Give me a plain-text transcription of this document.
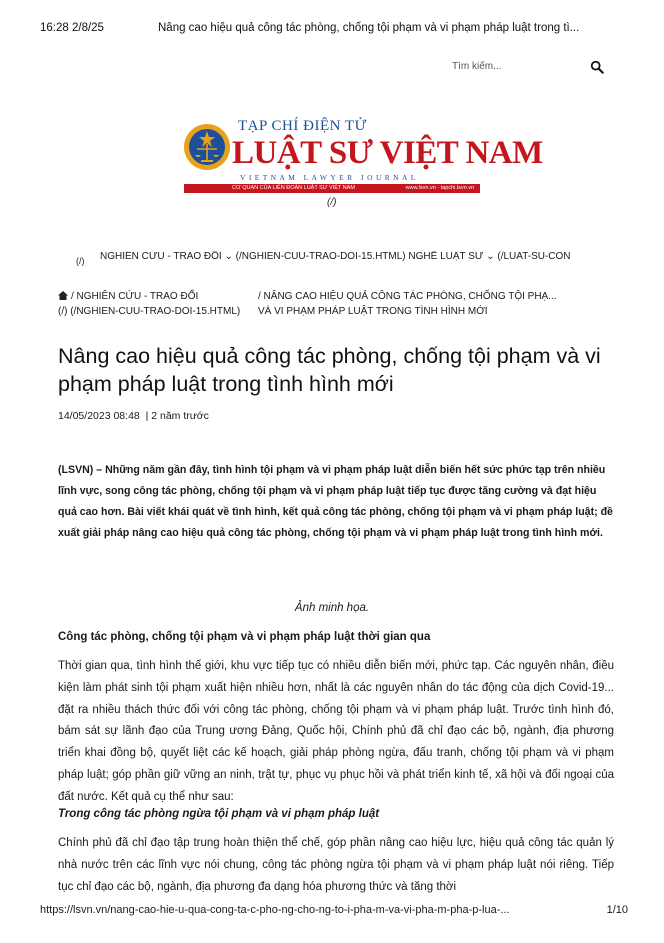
16:28 2/8/25	Nâng cao hiệu quả công tác phòng, chống tội phạm và vi phạm pháp luật trong tì...
Tìm kiếm...
TẠP CHÍ ĐIỆN TỬ
LUẬT SƯ VIỆT NAM
VIETNAM LAWYER JOURNAL
CƠ QUAN CỦA LIÊN ĐOÀN LUẬT SƯ VIỆT NAM	www.lsvn.vn · tapchi.lsvn.vn
(/)
(/) NGHIÊN CỨU - TRAO ĐỔI ⌄ (/NGHIEN-CUU-TRAO-DOI-15.HTML) NGHỀ LUẬT SƯ ⌄ (/LUAT-SU-CON
/ NGHIÊN CỨU - TRAO ĐỔI
(/) (/NGHIEN-CUU-TRAO-DOI-15.HTML)
/ NÂNG CAO HIỆU QUẢ CÔNG TÁC PHÒNG, CHỐNG TỘI PHẠ...
VÀ VI PHẠM PHÁP LUẬT TRONG TÌNH HÌNH MỚI
Nâng cao hiệu quả công tác phòng, chống tội phạm và vi phạm pháp luật trong tình hình mới
14/05/2023 08:48  | 2 năm trước

(LSVN) – Những năm gần đây, tình hình tội phạm và vi phạm pháp luật diễn biến hết sức phức tạp trên nhiều lĩnh vực, song công tác phòng, chống tội phạm và vi phạm pháp luật tiếp tục được tăng cường và đạt hiệu quả cao hơn. Bài viết khái quát về tình hình, kết quả công tác phòng, chống tội phạm và vi phạm pháp luật; đề xuất giải pháp nâng cao hiệu quả công tác phòng, chống tội phạm và vi phạm pháp luật trong tình hình mới.

Ảnh minh họa.
Công tác phòng, chống tội phạm và vi phạm pháp luật thời gian qua

Thời gian qua, tình hình thế giới, khu vực tiếp tục có nhiều diễn biến mới, phức tạp. Các nguyên nhân, điều kiện làm phát sinh tội phạm xuất hiện nhiều hơn, nhất là các nguyên nhân do tác động của dịch Covid-19... đặt ra nhiều thách thức đối với công tác phòng, chống tội phạm và vi phạm pháp luật. Trước tình hình đó, bám sát sự lãnh đạo của Trung ương Đảng, Quốc hội, Chính phủ đã chỉ đạo các bộ, ngành, địa phương triển khai đồng bộ, quyết liệt các kế hoạch, giải pháp phòng ngừa, đấu tranh, chống tội phạm và vi phạm pháp luật; góp phần giữ vững an ninh, trật tự, phục vụ phục hồi và phát triển kinh tế, xã hội và đối ngoại của đất nước. Kết quả cụ thể như sau:

Trong công tác phòng ngừa tội phạm và vi phạm pháp luật

Chính phủ đã chỉ đạo tập trung hoàn thiện thể chế, góp phần nâng cao hiệu lực, hiệu quả công tác quản lý nhà nước trên các lĩnh vực nói chung, công tác phòng ngừa tội phạm và vi phạm pháp luật nói riêng. Tiếp tục chỉ đạo các bộ, ngành, địa phương đa dạng hóa phương thức và tăng thời

https://lsvn.vn/nang-cao-hie-u-qua-cong-ta-c-pho-ng-cho-ng-to-i-pha-m-va-vi-pha-m-pha-p-lua-...	1/10
